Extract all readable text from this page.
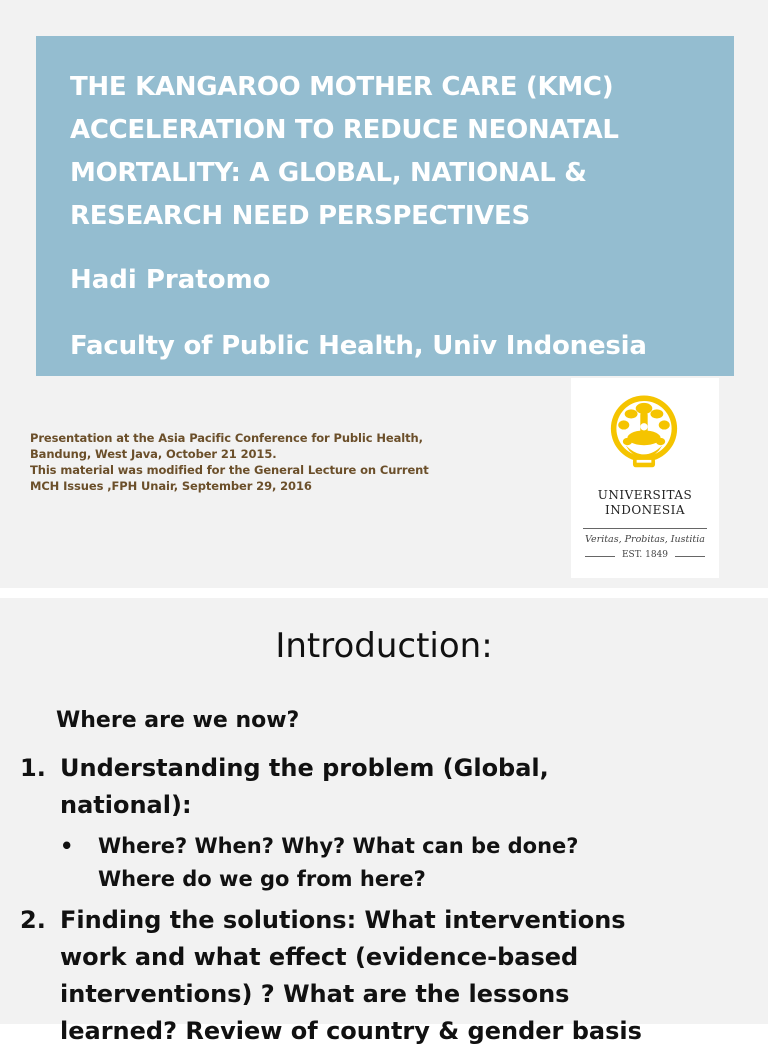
THE KANGAROO MOTHER CARE (KMC)
ACCELERATION TO REDUCE NEONATAL
MORTALITY: A GLOBAL, NATIONAL &
RESEARCH NEED PERSPECTIVES
Hadi Pratomo
Faculty of Public Health, Univ Indonesia
Presentation at the Asia Pacific Conference for Public Health,
Bandung, West Java, October 21 2015.
This material was modified for the General Lecture on Current
MCH Issues ,FPH Unair, September 29, 2016
UNIVERSITAS
INDONESIA
Veritas, Probitas, Iustitia
EST. 1849
Introduction:
Where are we now?
1. Understanding the problem (Global,
national):
• Where? When? Why? What can be done?
Where do we go from here?
2. Finding the solutions: What interventions
work and what effect (evidence-based
interventions) ? What are the lessons
learned? Review of country & gender basis
